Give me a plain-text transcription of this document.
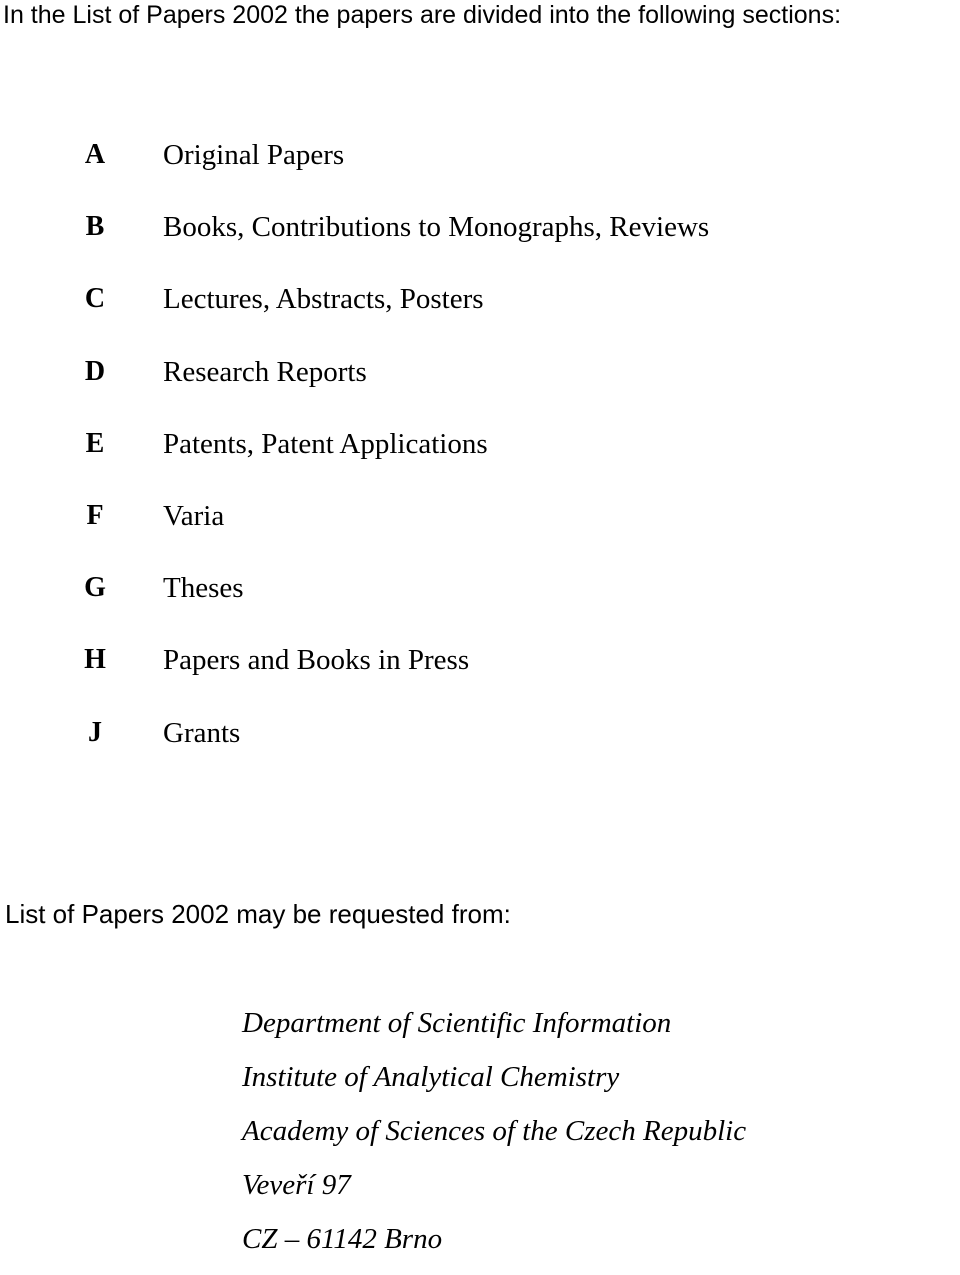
In the List of Papers 2002 the papers are divided into the following sections:
A Original Papers
B Books, Contributions to Monographs, Reviews
C Lectures, Abstracts, Posters
D Research Reports
E Patents, Patent Applications
F Varia
G Theses
H Papers and Books in Press
J Grants
List of Papers 2002 may be requested from:
Department of Scientific Information
Institute of Analytical Chemistry
Academy of Sciences of the Czech Republic
Veveří 97
CZ – 61142 Brno
